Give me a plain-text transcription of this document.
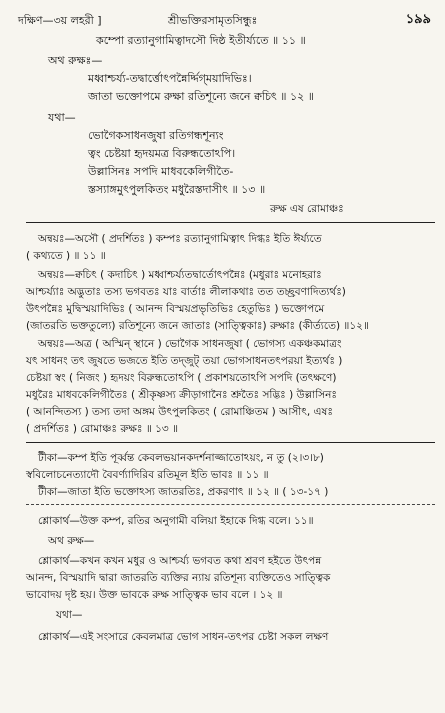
দক্ষিণ—৩য় লহরী ]	শ্রীভক্তিরসামৃতসিন্ধুঃ	১৯৯
কম্পো রত্যানুগামিত্বাদসৌ দিষ্ঠ ইতীর্য্যতে ॥ ১১ ॥
অথ রুক্ষঃ—
মধ্বাশ্চর্য্য-তদ্বার্ত্তোৎপন্নৈর্দ্দিগ্‌ময়াদিভিঃ।
জাতা ভক্তোপমে রুক্ষা রতিশূন্যে জনে ক্বচিৎ ॥ ১২ ॥
যথা—
ভোগৈকসাধনজুষা রতিগন্ধশূন্যং
ত্বং চেষ্টয়া হৃদয়মত্র বিরুন্ধতোঽপি।
উল্লাসিনঃ সপদি মাধবকেলিগীতৈ-
স্তস্যাঙ্গমুৎপুলকিতং মধুরৈস্তদাসীৎ ॥ ১৩ ॥
রুক্ষ এষ রোমাঞ্চঃ
অন্বয়ঃ—অসৌ ( প্রদর্শিতঃ ) কম্পঃ রত্যানুগামিত্বাৎ দিগ্ধঃ ইতি ঈর্য্যতে
( কথ্যতে ) ॥ ১১ ॥
অন্বয়ঃ—ক্বচিৎ ( কদাচিৎ ) মধ্বাশ্চর্য্যতদ্বার্তোৎপন্নৈঃ (মধুরাঃ মনোহরাঃ
আশ্চর্য্যাঃ অদ্ভুতাঃ তস্য ভগবতঃ যাঃ বার্তাঃ লীলাকথাঃ তত তচ্ছ্রবণাদিত্যর্থঃ)
উৎপন্নৈঃ মুদ্বিস্ময়াদিভিঃ ( আনন্দ বিস্ময়প্রভৃতিভিঃ হেতুভিঃ ) ভক্তোপমে
(জাতরতি ভক্ততুল্যে) রতিশূন্যে জনে জাতাঃ (সাত্ত্বিকাঃ) রুক্ষাঃ (কীর্ত্যতে) ॥১২॥
অন্বয়ঃ—অত্র ( অস্মিন্ স্থানে ) ভোগৈক সাধনজুষা ( ভোগস্য একঞ্চকমাত্রং
যৎ সাধনং তৎ জুষতে ভজতে ইতি তদ্‌জুট্ তয়া ভোগসাধনতৎপরয়া ইত্যর্থঃ )
চেষ্টয়া স্বং ( নিজং ) হৃদয়ং বিরুন্ধতোঽপি ( প্রকাশয়তোঽপি সপদি (তৎক্ষণে)
মধুরৈঃ মাধবকেলিগীতৈঃ ( শ্রীকৃষ্ণস্য ক্রীড়াগানৈঃ শ্রুতৈঃ সদ্ভিঃ ) উল্লাসিনঃ
( আনন্দিতস্য ) তস্য তদা অঙ্গম উৎপুলকিতং ( রোমাঞ্চিতম ) আসীৎ, এষঃ
( প্রদর্শিতঃ ) রোমাঞ্চঃ রুক্ষঃ ॥ ১৩ ॥
টীকা—কম্প ইতি পূর্ব্বন্ত কেবলভয়ানকদর্শনাজ্জাতোঽয়ং, ন তু (২।৩।৮)
স্ববিলোচনেত্যাদৌ বৈবর্ণ্যাদিরিব রতিমূল ইতি ভাবঃ ॥ ১১ ॥
টীকা—জাতা ইতি ভক্তোঽস্য জাতরতিঃ, প্রকরণাৎ ॥ ১২ ॥ ( ১৩-১৭ )
শ্লোকার্থ—উক্ত কম্প, রতির অনুগামী বলিয়া ইহাকে দিগ্ধ বলে। ১১॥
অথ রুক্ষ—
শ্লোকার্থ—কখন কখন মধুর ও আশ্চর্য্য ভগবত কথা শ্রবণ হইতে উৎপন্ন
আনন্দ, বিস্ময়াদি দ্বারা জাতরতি ব্যক্তির ন্যায় রতিশূন্য ব্যক্তিতেও সাত্ত্বিক
ভাবোদয় দৃষ্ট হয়। উক্ত ভাবকে রুক্ষ সাত্ত্বিক ভাব বলে । ১২ ॥
যথা—
শ্লোকার্থ—এই সংসারে কেবলমাত্র ভোগ সাধন-তৎপর চেষ্টা সকল লক্ষণ
